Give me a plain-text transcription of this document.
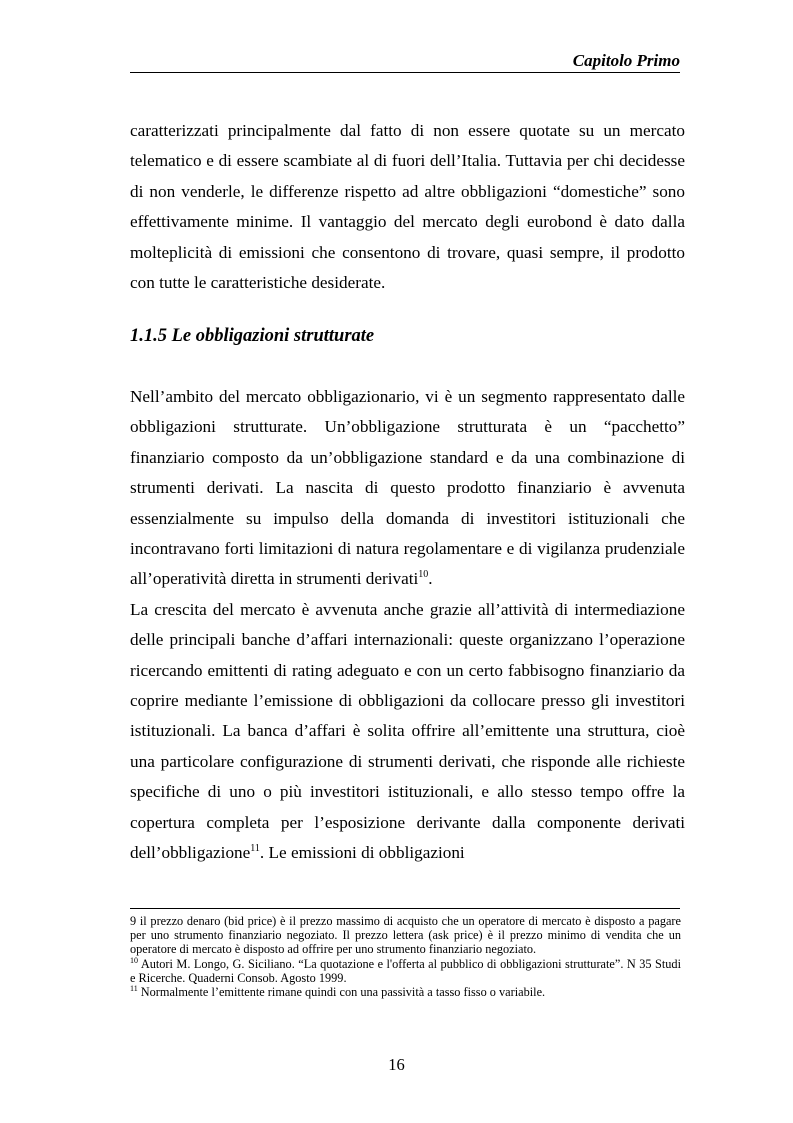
Capitolo Primo

caratterizzati principalmente dal fatto di non essere quotate su un mercato telematico e di essere scambiate al di fuori dell’Italia. Tuttavia per chi decidesse di non venderle, le differenze rispetto ad altre obbligazioni “domestiche” sono effettivamente minime. Il vantaggio del mercato degli eurobond è dato dalla molteplicità di emissioni che consentono di trovare, quasi sempre, il prodotto con tutte le caratteristiche desiderate.

1.1.5 Le obbligazioni strutturate

Nell’ambito del mercato obbligazionario, vi è un segmento rappresentato dalle obbligazioni strutturate. Un’obbligazione strutturata è un “pacchetto” finanziario composto da un’obbligazione standard e da una combinazione di strumenti derivati. La nascita di questo prodotto finanziario è avvenuta essenzialmente su impulso della domanda di investitori istituzionali che incontravano forti limitazioni di natura regolamentare e di vigilanza prudenziale all’operatività diretta in strumenti derivati$^{10}$.

La crescita del mercato è avvenuta anche grazie all’attività di intermediazione delle principali banche d’affari internazionali: queste organizzano l’operazione ricercando emittenti di rating adeguato e con un certo fabbisogno finanziario da coprire mediante l’emissione di obbligazioni da collocare presso gli investitori istituzionali. La banca d’affari è solita offrire all’emittente una struttura, cioè una particolare configurazione di strumenti derivati, che risponde alle richieste specifiche di uno o più investitori istituzionali, e allo stesso tempo offre la copertura completa per l’esposizione derivante dalla componente derivati dell’obbligazione$^{11}$. Le emissioni di obbligazioni

9 il prezzo denaro (bid price) è il prezzo massimo di acquisto che un operatore di mercato è disposto a pagare per uno strumento finanziario negoziato. Il prezzo lettera (ask price) è il prezzo minimo di vendita che un operatore di mercato è disposto ad offrire per uno strumento finanziario negoziato.

$^{10}$ Autori M. Longo, G. Siciliano. “La quotazione e l'offerta al pubblico di obbligazioni strutturate”. N 35 Studi e Ricerche. Quaderni Consob. Agosto 1999.

$^{11}$ Normalmente l’emittente rimane quindi con una passività a tasso fisso o variabile.

16
